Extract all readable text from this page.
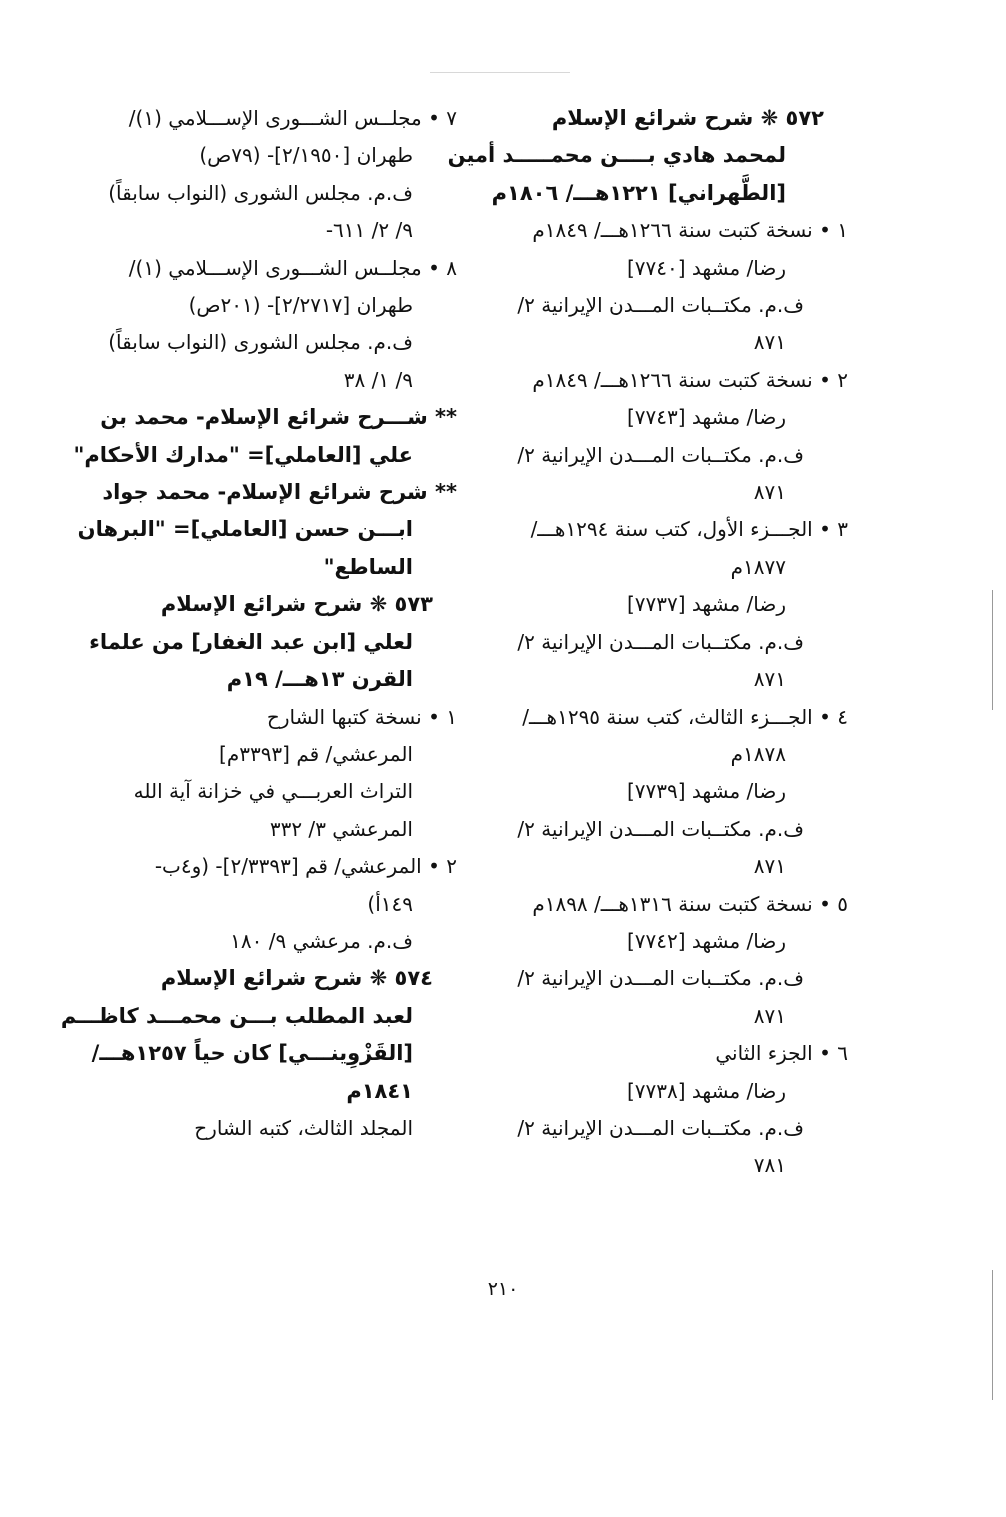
٥٧٢ ❋ شرح شرائع الإسلام
لمحمد هادي بــــن محمـــــد أمين
[الطَّهراني] ١٢٢١هـــ/ ١٨٠٦م
١ • نسخة كتبت سنة ١٢٦٦هـــ/ ١٨٤٩م
رضا/ مشهد [٧٧٤٠]
ف.م. مكتــبات المـــدن الإيرانية ٢/
٨٧١
٢ • نسخة كتبت سنة ١٢٦٦هـــ/ ١٨٤٩م
رضا/ مشهد [٧٧٤٣]
ف.م. مكتــبات المـــدن الإيرانية ٢/
٨٧١
٣ • الجـــزء الأول، كتب سنة ١٢٩٤هـــ/
١٨٧٧م
رضا/ مشهد [٧٧٣٧]
ف.م. مكتــبات المـــدن الإيرانية ٢/
٨٧١
٤ • الجـــزء الثالث، كتب سنة ١٢٩٥هـــ/
١٨٧٨م
رضا/ مشهد [٧٧٣٩]
ف.م. مكتــبات المـــدن الإيرانية ٢/
٨٧١
٥ • نسخة كتبت سنة ١٣١٦هـــ/ ١٨٩٨م
رضا/ مشهد [٧٧٤٢]
ف.م. مكتــبات المـــدن الإيرانية ٢/
٨٧١
٦ • الجزء الثاني
رضا/ مشهد [٧٧٣٨]
ف.م. مكتــبات المـــدن الإيرانية ٢/
٧٨١
٧ • مجلــس الشـــورى الإســـلامي (١)/
طهران [٢/١٩٥٠]- (٧٩ص)
ف.م. مجلس الشورى (النواب سابقاً)
٩/ ٢/ ٦١١-
٨ • مجلــس الشـــورى الإســـلامي (١)/
طهران [٢/٢٧١٧]- (٢٠١ص)
ف.م. مجلس الشورى (النواب سابقاً)
٩/ ١/ ٣٨
** شـــرح شرائع الإسلام- محمد بن
علي [العاملي]= "مدارك الأحكام"
** شرح شرائع الإسلام- محمد جواد
ابـــن حسن [العاملي]= "البرهان
الساطع"
٥٧٣ ❋ شرح شرائع الإسلام
لعلي [ابن عبد الغفار] من علماء
القرن ١٣هـــ/ ١٩م
١ • نسخة كتبها الشارح
المرعشي/ قم [٣٣٩٣م]
التراث العربـــي في خزانة آية الله
المرعشي ٣/ ٣٣٢
٢ • المرعشي/ قم [٢/٣٣٩٣]- (و٤ب-
١٤٩أ)
ف.م. مرعشي ٩/ ١٨٠
٥٧٤ ❋ شرح شرائع الإسلام
لعبد المطلب بـــن محمـــد كاظـــم
[القَزْوِينـــي] كان حياً ١٢٥٧هـــ/
١٨٤١م
المجلد الثالث، كتبه الشارح
٢١٠
